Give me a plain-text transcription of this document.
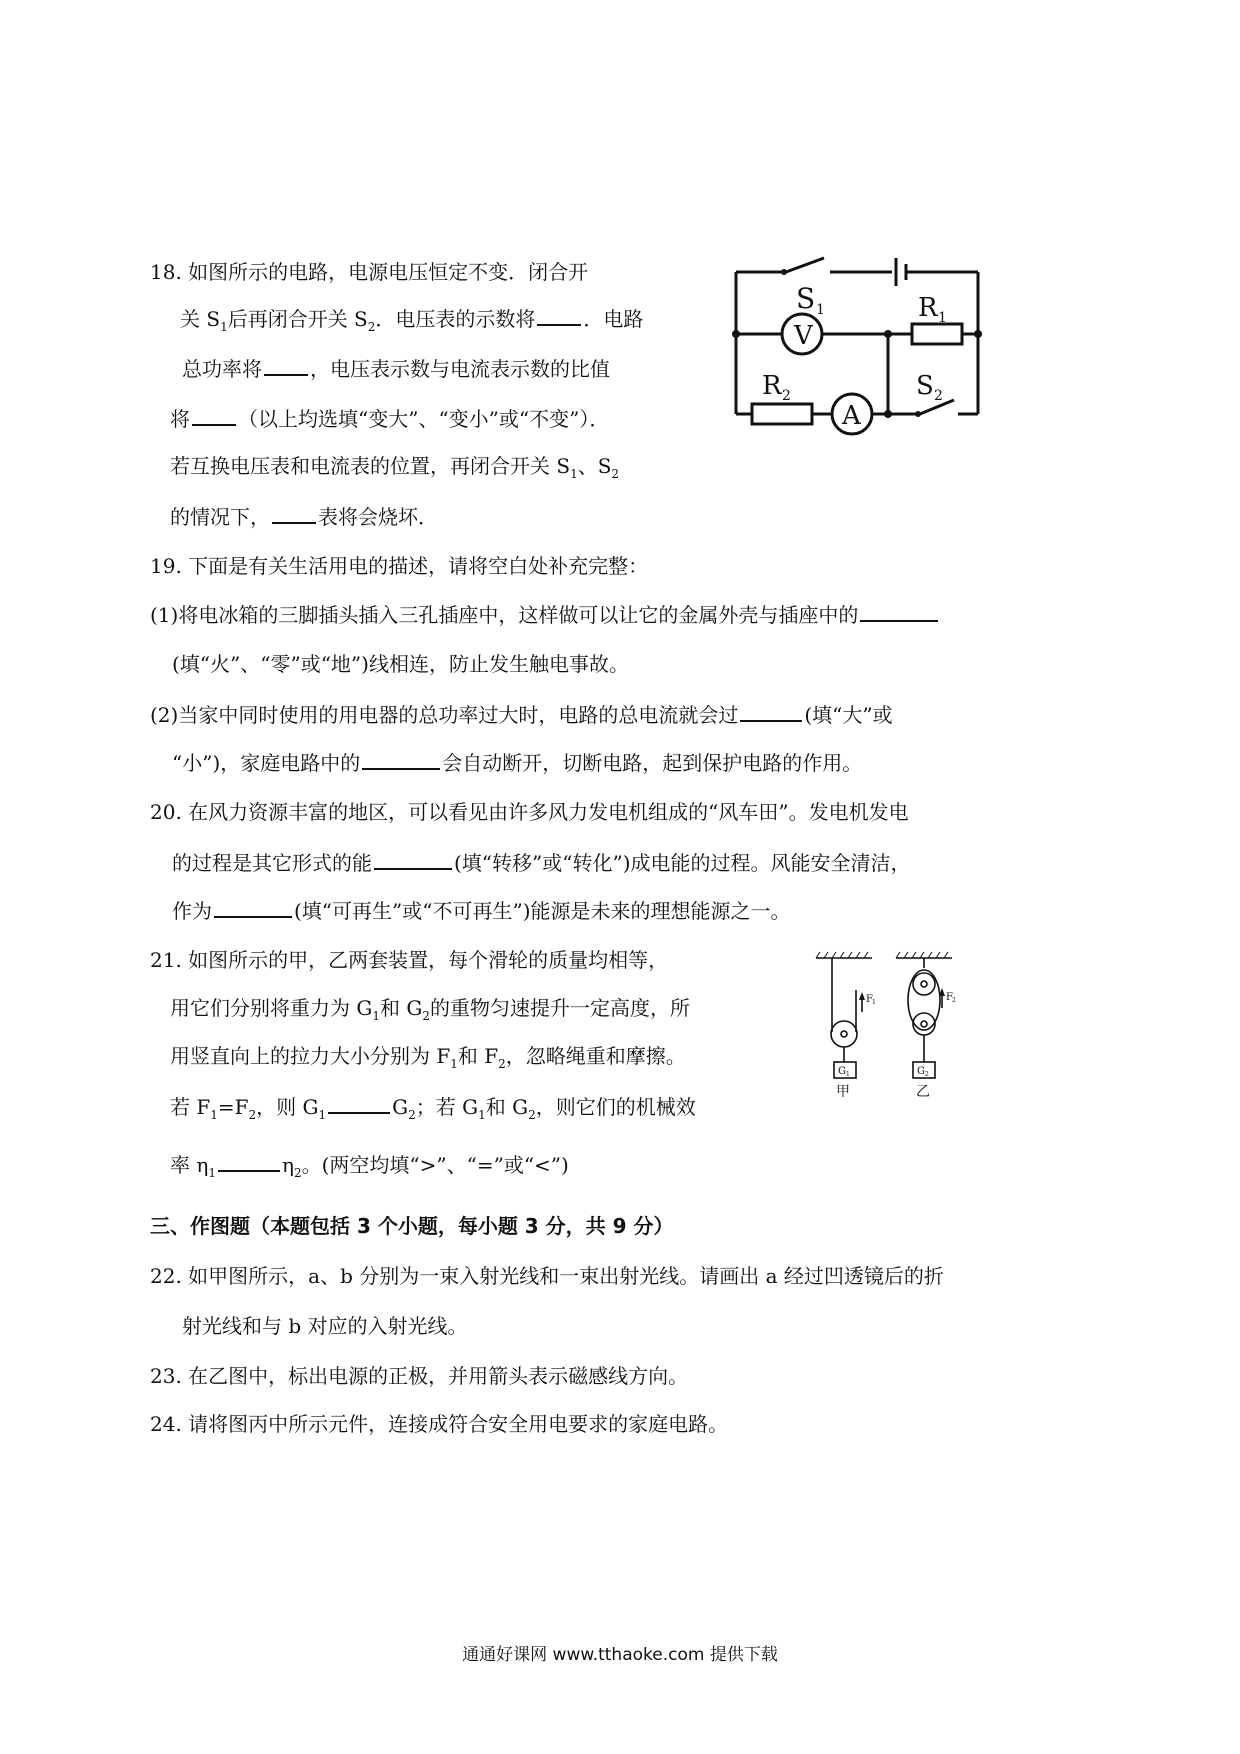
18. 如图所示的电路，电源电压恒定不变．闭合开
关 $S_1$后再闭合开关 $S_2$．电压表的示数将 ．电路
总功率将 ，电压表示数与电流表示数的比值
将 （以上均选填“变大”、“变小”或“不变”）．
若互换电压表和电流表的位置，再闭合开关 $S_1$、$S_2$
的情况下， 表将会烧坏．
S 1	R 1
V
R 2
A
S 2
19. 下面是有关生活用电的描述，请将空白处补充完整：
(1)将电冰箱的三脚插头插入三孔插座中，这样做可以让它的金属外壳与插座中的
(填“火”、“零”或“地”)线相连，防止发生触电事故。
(2)当家中同时使用的用电器的总功率过大时，电路的总电流就会过	(填“大”或
“小”)，家庭电路中的	会自动断开，切断电路，起到保护电路的作用。
20. 在风力资源丰富的地区，可以看见由许多风力发电机组成的“风车田”。发电机发电
的过程是其它形式的能	(填“转移”或“转化”)成电能的过程。风能安全清洁，
作为	(填“可再生”或“不可再生”)能源是未来的理想能源之一。
21. 如图所示的甲，乙两套装置，每个滑轮的质量均相等，
用它们分别将重力为 $G_1$和 $G_2$的重物匀速提升一定高度，所
用竖直向上的拉力大小分别为 $F_1$和 $F_2$，忽略绳重和摩擦。
若 $F_1=F_2$，则 $G_1$	$G_2$；若 $G_1$和 $G_2$，则它们的机械效
率 $\eta_1$	$\eta_2$。(两空均填“>”、“=”或“<”)
F 1	F 2
G 1	G 2
甲	乙
三、作图题（本题包括 3 个小题，每小题 3 分，共 9 分）
22. 如甲图所示，a、b 分别为一束入射光线和一束出射光线。请画出 a 经过凹透镜后的折
射光线和与 b 对应的入射光线。
23. 在乙图中，标出电源的正极，并用箭头表示磁感线方向。
24. 请将图丙中所示元件，连接成符合安全用电要求的家庭电路。
通通好课网 www.tthaoke.com 提供下载
